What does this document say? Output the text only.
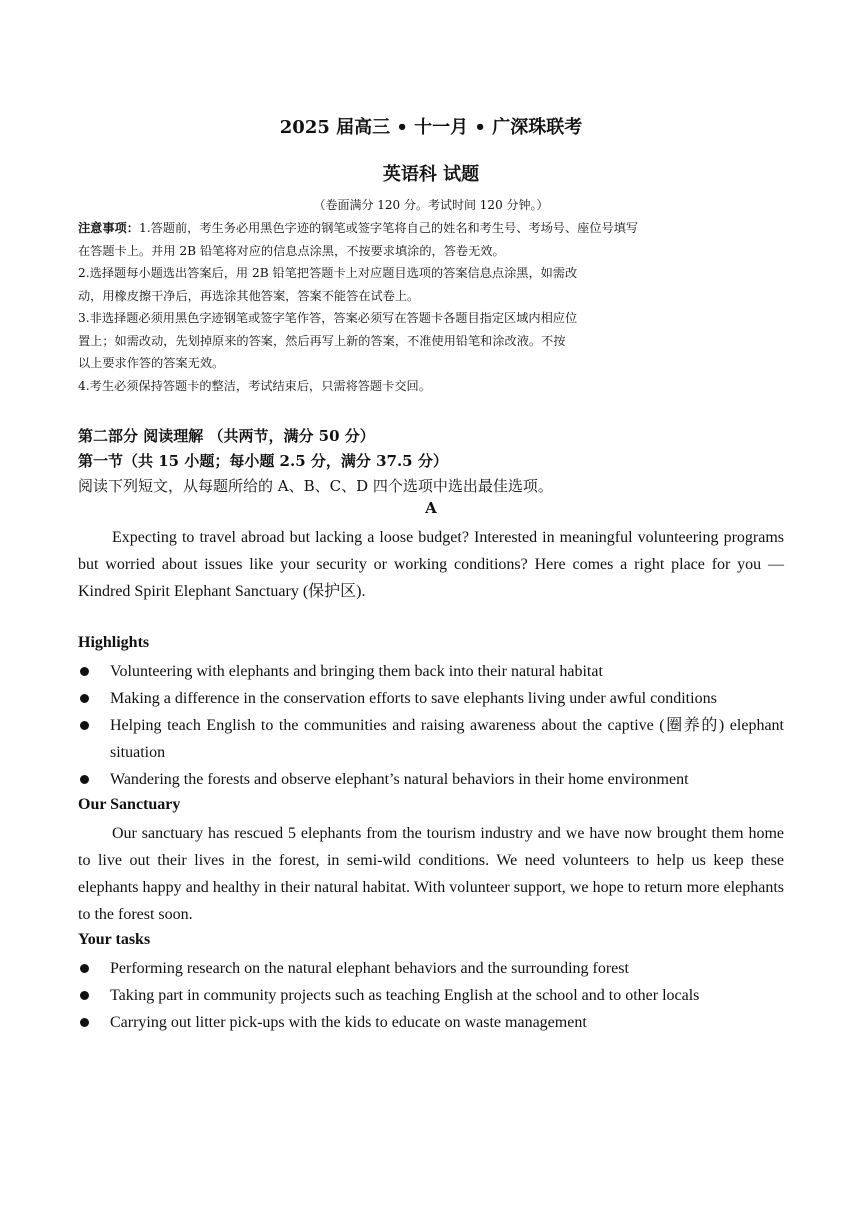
2025 届高三 • 十一月 • 广深珠联考
英语科 试题
（卷面满分 120 分。考试时间 120 分钟。）
注意事项：1.答题前，考生务必用黑色字迹的钢笔或签字笔将自己的姓名和考生号、考场号、座位号填写
在答题卡上。并用 2B 铅笔将对应的信息点涂黑，不按要求填涂的，答卷无效。
2.选择题每小题选出答案后，用 2B 铅笔把答题卡上对应题目选项的答案信息点涂黑，如需改
动，用橡皮擦干净后，再选涂其他答案，答案不能答在试卷上。
3.非选择题必须用黑色字迹钢笔或签字笔作答，答案必须写在答题卡各题目指定区域内相应位
置上；如需改动，先划掉原来的答案，然后再写上新的答案，不准使用铅笔和涂改液。不按
以上要求作答的答案无效。
4.考生必须保持答题卡的整洁，考试结束后，只需将答题卡交回。
第二部分 阅读理解 （共两节，满分 50 分）
第一节（共 15 小题；每小题 2.5 分，满分 37.5 分）
阅读下列短文，从每题所给的 A、B、C、D 四个选项中选出最佳选项。
A
Expecting to travel abroad but lacking a loose budget? Interested in meaningful volunteering programs but worried about issues like your security or working conditions? Here comes a right place for you — Kindred Spirit Elephant Sanctuary (保护区).
Highlights
Volunteering with elephants and bringing them back into their natural habitat
Making a difference in the conservation efforts to save elephants living under awful conditions
Helping teach English to the communities and raising awareness about the captive (圈养的) elephant situation
Wandering the forests and observe elephant’s natural behaviors in their home environment
Our Sanctuary
Our sanctuary has rescued 5 elephants from the tourism industry and we have now brought them home to live out their lives in the forest, in semi-wild conditions. We need volunteers to help us keep these elephants happy and healthy in their natural habitat. With volunteer support, we hope to return more elephants to the forest soon.
Your tasks
Performing research on the natural elephant behaviors and the surrounding forest
Taking part in community projects such as teaching English at the school and to other locals
Carrying out litter pick-ups with the kids to educate on waste management
